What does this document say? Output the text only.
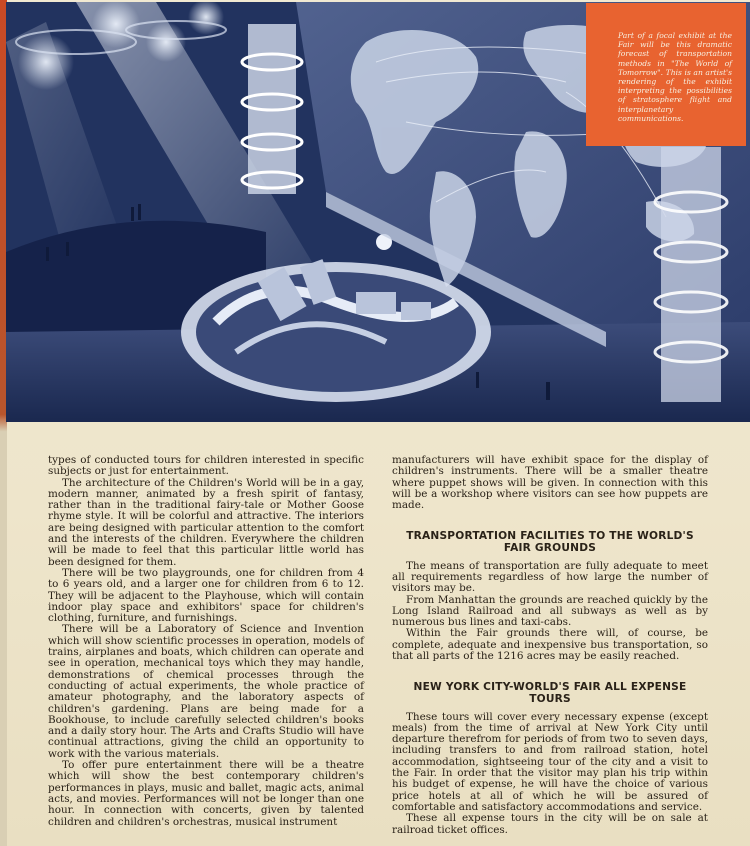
Part of a focal exhibit at the Fair will be this dramatic forecast of transportation methods in "The World of Tomorrow". This is an artist's rendering of the exhibit interpreting the possibilities of stratosphere flight and interplanetary communications.

types of conducted tours for children interested in specific subjects or just for entertainment.

The architecture of the Children's World will be in a gay, modern manner, animated by a fresh spirit of fantasy, rather than in the traditional fairy-tale or Mother Goose rhyme style. It will be colorful and attractive. The interiors are being designed with particular attention to the comfort and the interests of the children. Everywhere the children will be made to feel that this particular little world has been designed for them.

There will be two playgrounds, one for children from 4 to 6 years old, and a larger one for children from 6 to 12. They will be adjacent to the Playhouse, which will contain indoor play space and exhibitors' space for children's clothing, furniture, and furnishings.

There will be a Laboratory of Science and Invention which will show scientific processes in operation, models of trains, airplanes and boats, which children can operate and see in operation, mechanical toys which they may handle, demonstrations of chemical processes through the conducting of actual experiments, the whole practice of amateur photography, and the laboratory aspects of children's gardening. Plans are being made for a Bookhouse, to include carefully selected children's books and a daily story hour. The Arts and Crafts Studio will have continual attractions, giving the child an opportunity to work with the various materials.

To offer pure entertainment there will be a theatre which will show the best contemporary children's performances in plays, music and ballet, magic acts, animal acts, and movies. Performances will not be longer than one hour. In connection with concerts, given by talented children and children's orchestras, musical instrument

manufacturers will have exhibit space for the display of children's instruments. There will be a smaller theatre where puppet shows will be given. In connection with this will be a workshop where visitors can see how puppets are made.

TRANSPORTATION FACILITIES TO THE WORLD'S FAIR GROUNDS

The means of transportation are fully adequate to meet all requirements regardless of how large the number of visitors may be.

From Manhattan the grounds are reached quickly by the Long Island Railroad and all subways as well as by numerous bus lines and taxi-cabs.

Within the Fair grounds there will, of course, be complete, adequate and inexpensive bus transportation, so that all parts of the 1216 acres may be easily reached.

NEW YORK CITY-WORLD'S FAIR ALL EXPENSE TOURS

These tours will cover every necessary expense (except meals) from the time of arrival at New York City until departure therefrom for periods of from two to seven days, including transfers to and from railroad station, hotel accommodation, sightseeing tour of the city and a visit to the Fair. In order that the visitor may plan his trip within his budget of expense, he will have the choice of various price hotels at all of which he will be assured of comfortable and satisfactory accommodations and service.

These all expense tours in the city will be on sale at railroad ticket offices.
